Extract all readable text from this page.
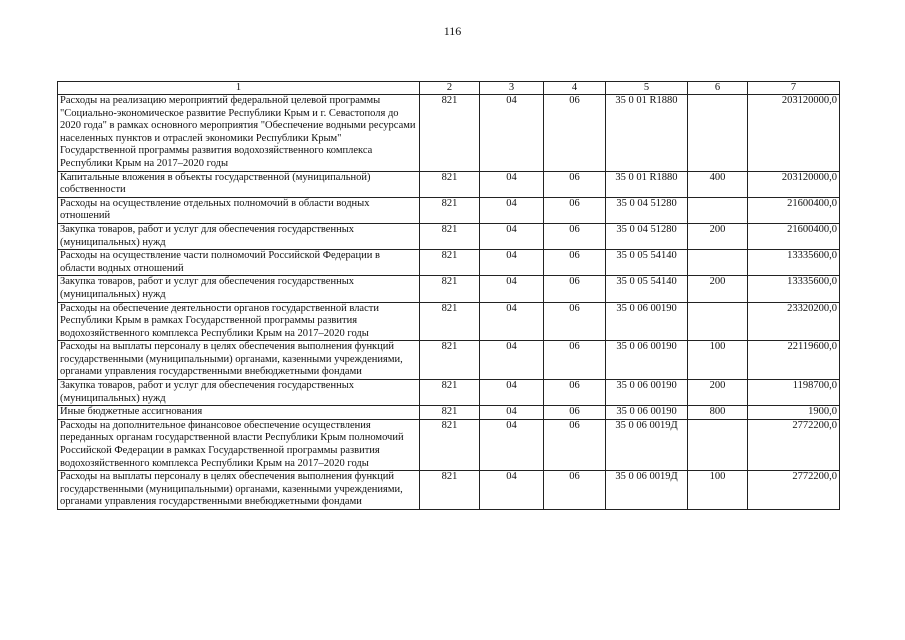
116
1	2	3	4	5	6	7
Расходы на реализацию мероприятий федеральной целевой программы "Социально-экономическое развитие Республики Крым и г. Севастополя до 2020 года" в рамках основного мероприятия "Обеспечение водными ресурсами населенных пунктов и отраслей экономики Республики Крым" Государственной программы развития водохозяйственного комплекса Республики Крым на 2017–2020 годы	821	04	06	35 0 01 R1880		203120000,0
Капитальные вложения в объекты государственной (муниципальной) собственности	821	04	06	35 0 01 R1880	400	203120000,0
Расходы на осуществление отдельных полномочий в области водных отношений	821	04	06	35 0 04 51280		21600400,0
Закупка товаров, работ и услуг для обеспечения государственных (муниципальных) нужд	821	04	06	35 0 04 51280	200	21600400,0
Расходы на осуществление части полномочий Российской Федерации в области водных отношений	821	04	06	35 0 05 54140		13335600,0
Закупка товаров, работ и услуг для обеспечения государственных (муниципальных) нужд	821	04	06	35 0 05 54140	200	13335600,0
Расходы на обеспечение деятельности органов государственной власти Республики Крым в рамках Государственной программы развития водохозяйственного комплекса Республики Крым на 2017–2020 годы	821	04	06	35 0 06 00190		23320200,0
Расходы на выплаты персоналу в целях обеспечения выполнения функций государственными (муниципальными) органами, казенными учреждениями, органами управления государственными внебюджетными фондами	821	04	06	35 0 06 00190	100	22119600,0
Закупка товаров, работ и услуг для обеспечения государственных (муниципальных) нужд	821	04	06	35 0 06 00190	200	1198700,0
Иные бюджетные ассигнования	821	04	06	35 0 06 00190	800	1900,0
Расходы на дополнительное финансовое обеспечение осуществления переданных органам государственной власти Республики Крым полномочий Российской Федерации в рамках Государственной программы развития водохозяйственного комплекса Республики Крым на 2017–2020 годы	821	04	06	35 0 06 0019Д		2772200,0
Расходы на выплаты персоналу в целях обеспечения выполнения функций государственными (муниципальными) органами, казенными учреждениями, органами управления государственными внебюджетными фондами	821	04	06	35 0 06 0019Д	100	2772200,0
